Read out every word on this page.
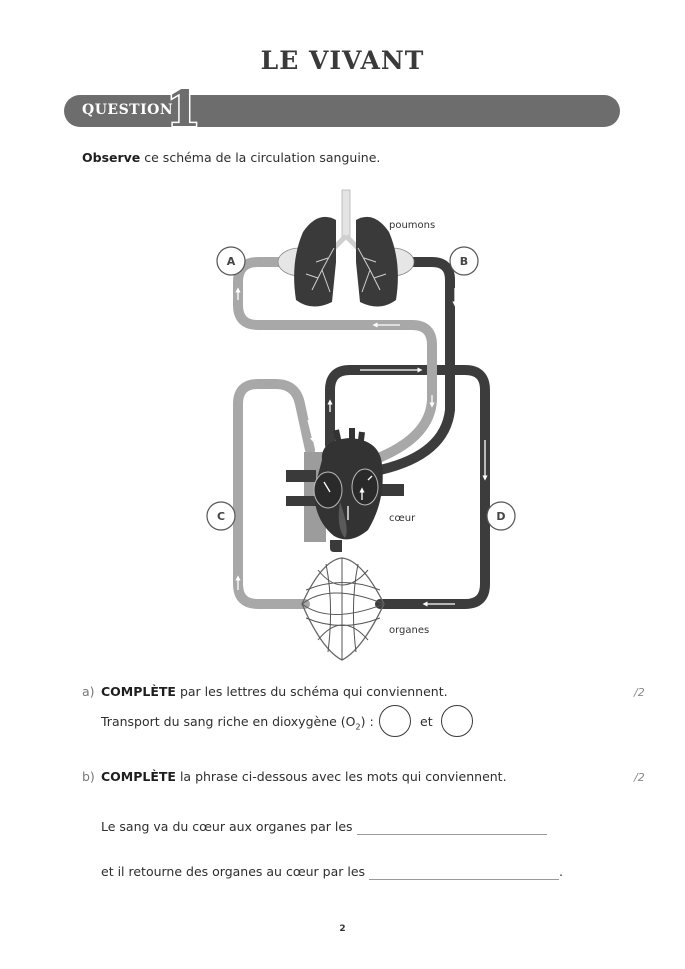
LE VIVANT
QUESTION
1
Observe ce schéma de la circulation sanguine.
A	B
C	D
poumons
cœur
organes
a) COMPLÈTE par les lettres du schéma qui conviennent.	/2
Transport du sang riche en dioxygène $(O_2)$ :	et
b) COMPLÈTE la phrase ci-dessous avec les mots qui conviennent.	/2
Le sang va du cœur aux organes par les
et il retourne des organes au cœur par les	.
2
